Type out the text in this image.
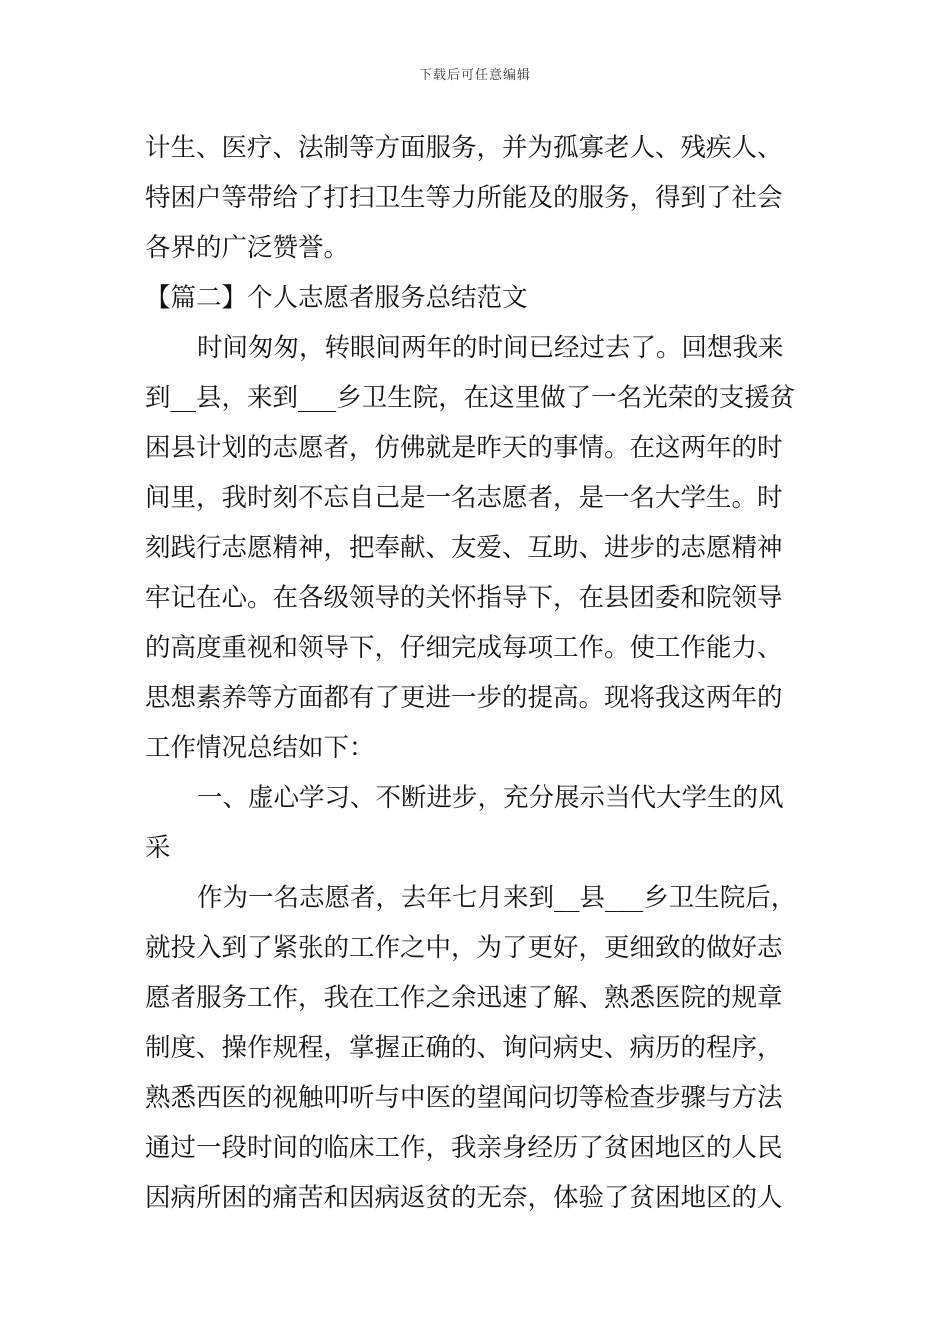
下载后可任意编辑
计生、医疗、法制等方面服务，并为孤寡老人、残疾人、
特困户等带给了打扫卫生等力所能及的服务，得到了社会
各界的广泛赞誉。
【篇二】个人志愿者服务总结范文
时间匆匆，转眼间两年的时间已经过去了。回想我来
到__县，来到___乡卫生院，在这里做了一名光荣的支援贫
困县计划的志愿者，仿佛就是昨天的事情。在这两年的时
间里，我时刻不忘自己是一名志愿者，是一名大学生。时
刻践行志愿精神，把奉献、友爱、互助、进步的志愿精神
牢记在心。在各级领导的关怀指导下，在县团委和院领导
的高度重视和领导下，仔细完成每项工作。使工作能力、
思想素养等方面都有了更进一步的提高。现将我这两年的
工作情况总结如下：
一、虚心学习、不断进步，充分展示当代大学生的风
采
作为一名志愿者，去年七月来到__县___乡卫生院后，
就投入到了紧张的工作之中，为了更好，更细致的做好志
愿者服务工作，我在工作之余迅速了解、熟悉医院的规章
制度、操作规程，掌握正确的、询问病史、病历的程序，
熟悉西医的视触叩听与中医的望闻问切等检查步骤与方法
通过一段时间的临床工作，我亲身经历了贫困地区的人民
因病所困的痛苦和因病返贫的无奈，体验了贫困地区的人
